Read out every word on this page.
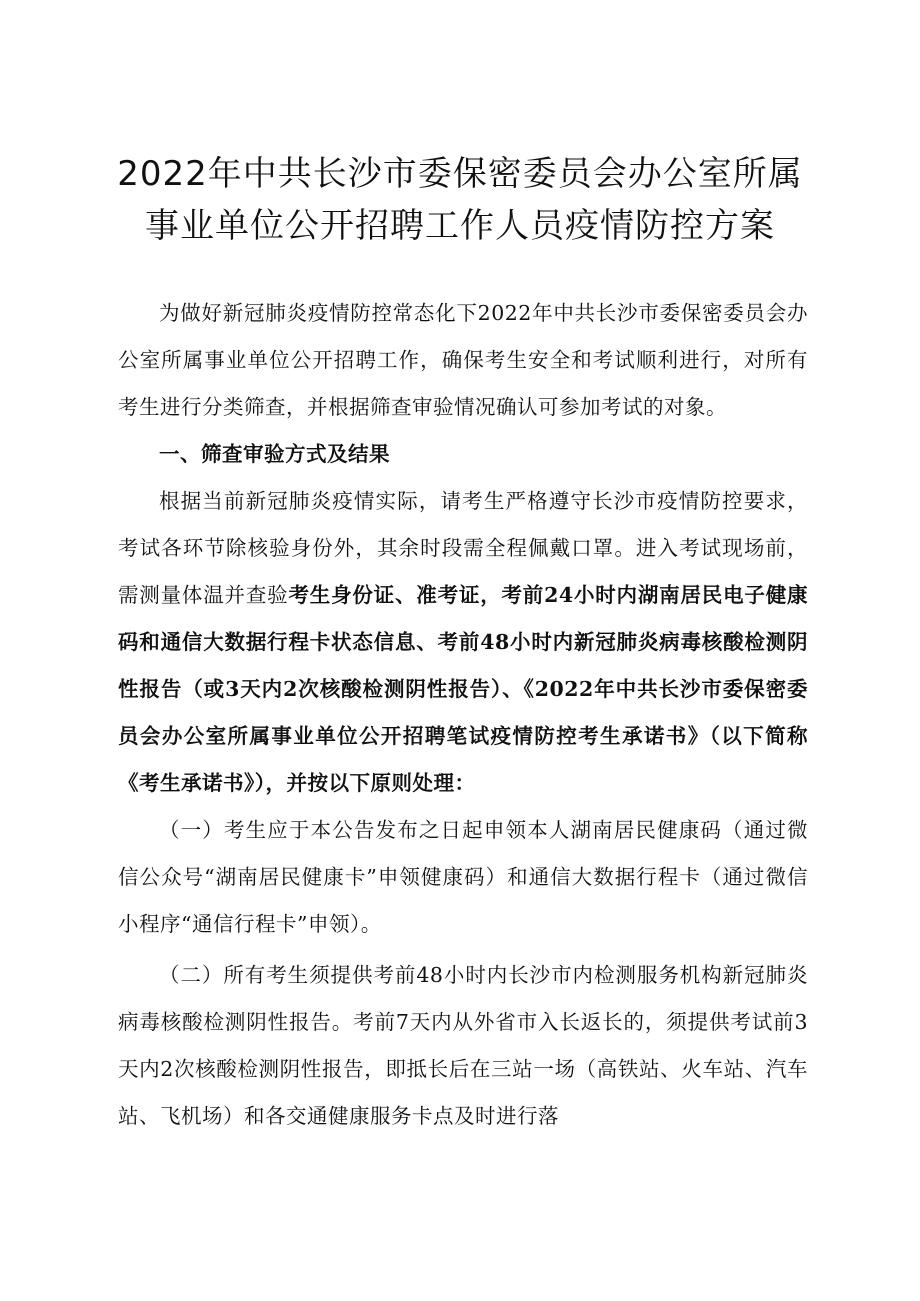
2022年中共长沙市委保密委员会办公室所属
事业单位公开招聘工作人员疫情防控方案

为做好新冠肺炎疫情防控常态化下2022年中共长沙市委保密委员会办公室所属事业单位公开招聘工作，确保考生安全和考试顺利进行，对所有考生进行分类筛查，并根据筛查审验情况确认可参加考试的对象。

一、筛查审验方式及结果

根据当前新冠肺炎疫情实际，请考生严格遵守长沙市疫情防控要求，考试各环节除核验身份外，其余时段需全程佩戴口罩。进入考试现场前，需测量体温并查验考生身份证、准考证，考前24小时内湖南居民电子健康码和通信大数据行程卡状态信息、考前48小时内新冠肺炎病毒核酸检测阴性报告（或3天内2次核酸检测阴性报告）、《2022年中共长沙市委保密委员会办公室所属事业单位公开招聘笔试疫情防控考生承诺书》（以下简称《考生承诺书》），并按以下原则处理：

（一）考生应于本公告发布之日起申领本人湖南居民健康码（通过微信公众号“湖南居民健康卡”申领健康码）和通信大数据行程卡（通过微信小程序“通信行程卡”申领）。

（二）所有考生须提供考前48小时内长沙市内检测服务机构新冠肺炎病毒核酸检测阴性报告。考前7天内从外省市入长返长的，须提供考试前3天内2次核酸检测阴性报告，即抵长后在三站一场（高铁站、火车站、汽车站、飞机场）和各交通健康服务卡点及时进行落
